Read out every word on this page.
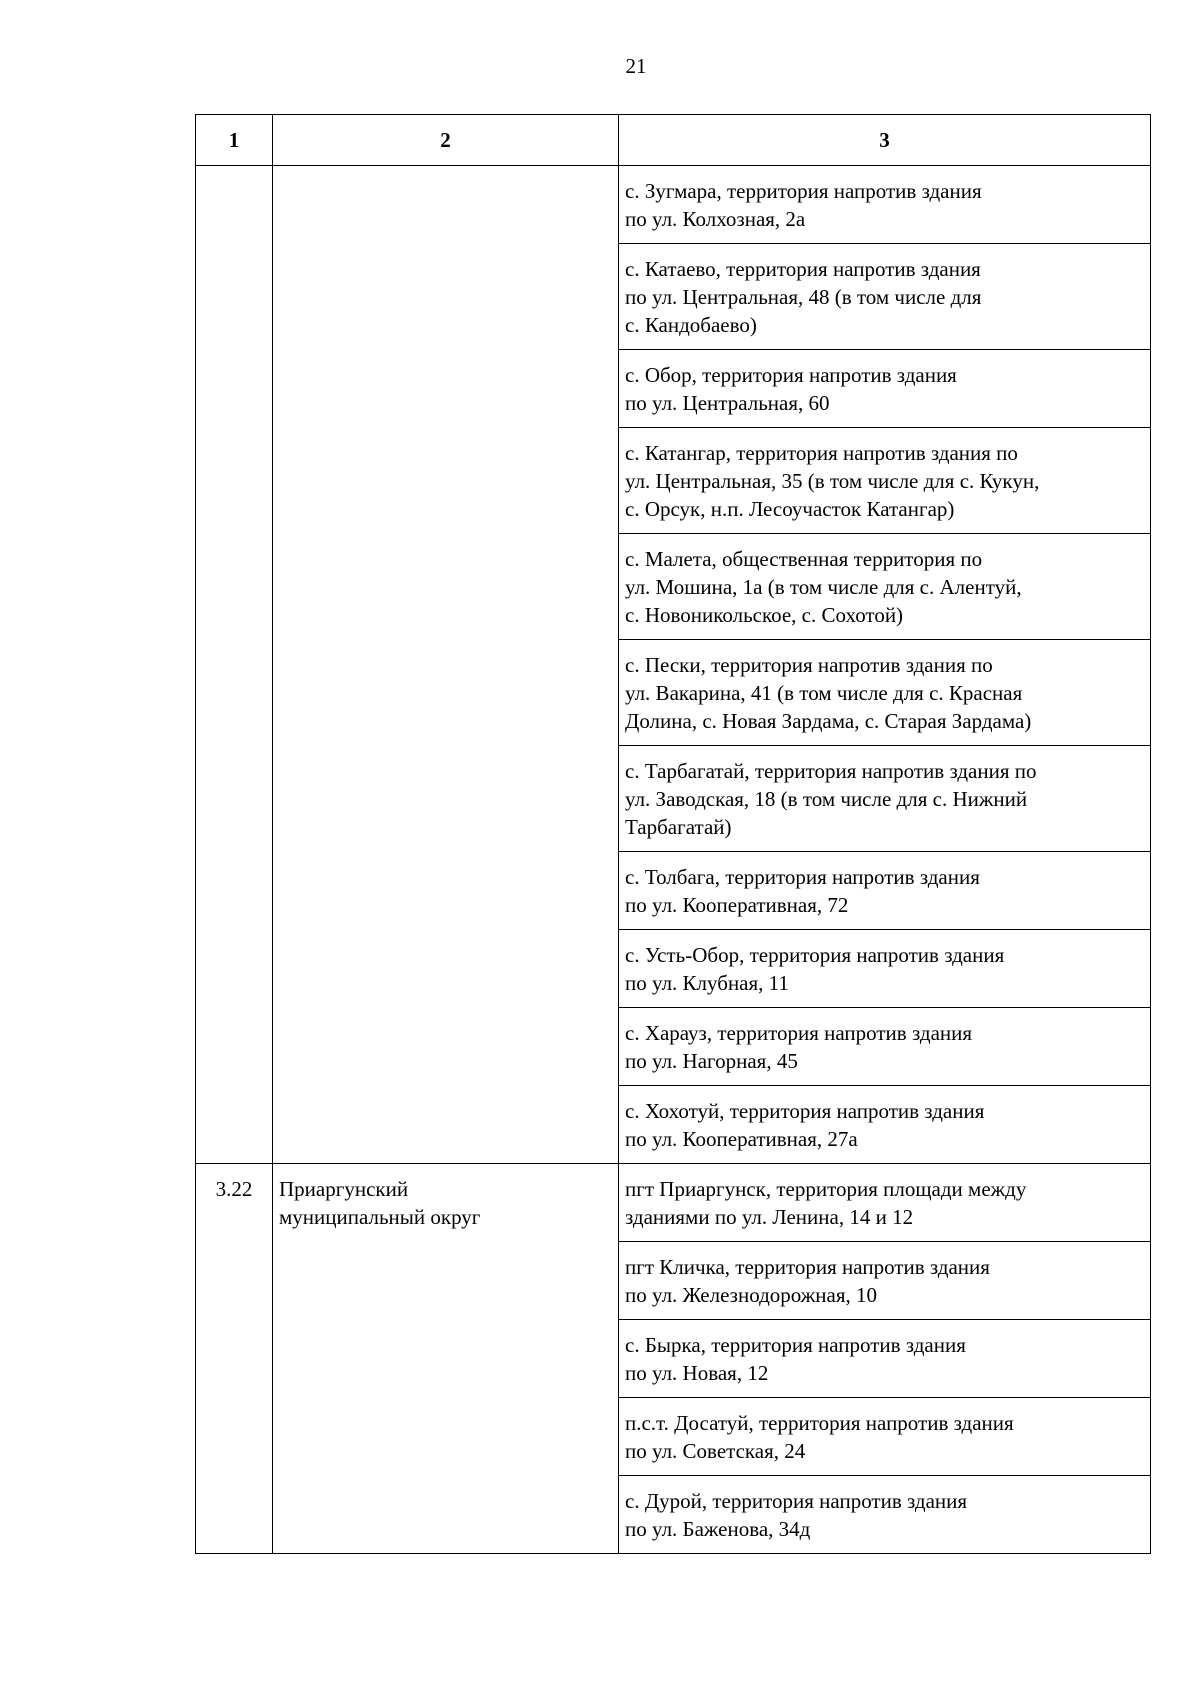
21
1	2	3

		с. Зугмара, территория напротив здания
по ул. Колхозная, 2а

		с. Катаево, территория напротив здания
по ул. Центральная, 48 (в том числе для
с. Кандобаево)

		с. Обор, территория напротив здания
по ул. Центральная, 60

		с. Катангар, территория напротив здания по
ул. Центральная, 35 (в том числе для с. Кукун,
с. Орсук, н.п. Лесоучасток Катангар)

		с. Малета, общественная территория по
ул. Мошина, 1а (в том числе для с. Алентуй,
с. Новоникольское, с. Сохотой)

		с. Пески, территория напротив здания по
ул. Вакарина, 41 (в том числе для с. Красная
Долина, с. Новая Зардама, с. Старая Зардама)

		с. Тарбагатай, территория напротив здания по
ул. Заводская, 18 (в том числе для с. Нижний
Тарбагатай)

		с. Толбага, территория напротив здания
по ул. Кооперативная, 72

		с. Усть-Обор, территория напротив здания
по ул. Клубная, 11

		с. Харауз, территория напротив здания
по ул. Нагорная, 45

		с. Хохотуй, территория напротив здания
по ул. Кооперативная, 27а

3.22	Приаргунский
муниципальный округ	пгт Приаргунск, территория площади между
зданиями по ул. Ленина, 14 и 12

		пгт Кличка, территория напротив здания
по ул. Железнодорожная, 10

		с. Бырка, территория напротив здания
по ул. Новая, 12

		п.с.т. Досатуй, территория напротив здания
по ул. Советская, 24

		с. Дурой, территория напротив здания
по ул. Баженова, 34д
